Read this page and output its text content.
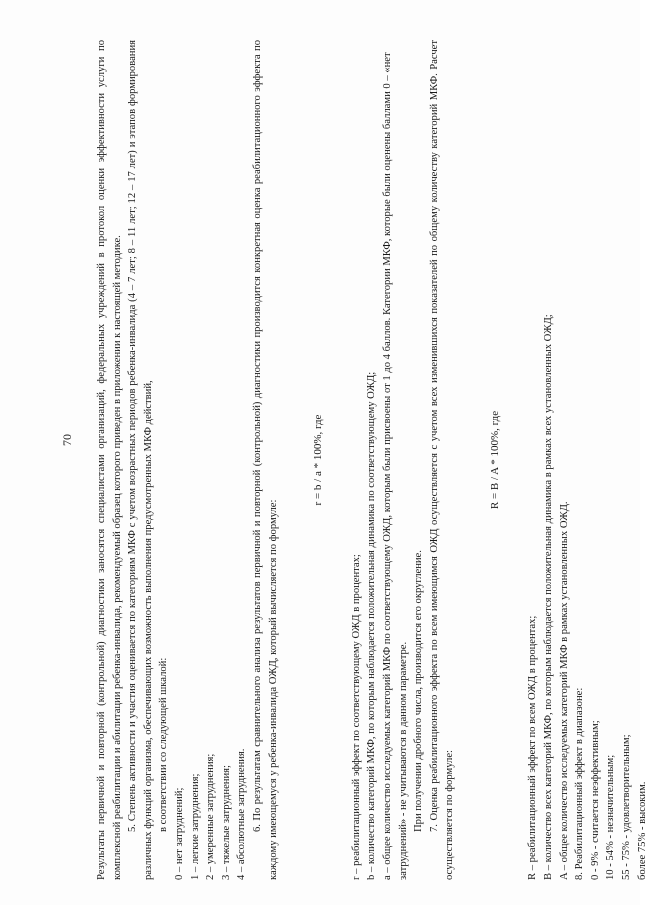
70 Результаты первичной и повторной (контрольной) диагностики заносятся специалистами организаций, федеральных учреждений в протокол оценки эффективности услуги по комплексной реабилитации и абилитации ребенка-инвалида, рекомендуемый образец которого приведен в приложении к настоящей методике. 5. Степень активности и участия оценивается по категориям МКФ с учетом возрастных периодов ребенка-инвалида (4 – 7 лет; 8 – 11 лет; 12 – 17 лет) и этапов формирования различных функций организма, обеспечивающих возможность выполнения предусмотренных МКФ действий, в соответствии со следующей шкалой:

0 – нет затруднений; 1 – легкие затруднения; 2 – умеренные затруднения; 3 – тяжелые затруднения; 4 – абсолютные затруднения. 6. По результатам сравнительного анализа результатов первичной и повторной (контрольной) диагностики производится конкретная оценка реабилитационного эффекта по каждому имеющемуся у ребенка-инвалида ОЖД, который вычисляется по формуле:

r = b / a * 100%, где

r – реабилитационный эффект по соответствующему ОЖД в процентах; b – количество категорий МКФ, по которым наблюдается положительная динамика по соответствующему ОЖД; a – общее количество исследуемых категорий МКФ по соответствующему ОЖД, которым были присвоены от 1 до 4 баллов. Категории МКФ, которые были оценены баллами 0 – «нет затруднений» - не учитываются в данном параметре. При получении дробного числа, производится его округление. 7. Оценка реабилитационного эффекта по всем имеющимся ОЖД осуществляется с учетом всех изменившихся показателей по общему количеству категорий МКФ. Расчет осуществляется по формуле:

R = B / A * 100%, где

R – реабилитационный эффект по всем ОЖД в процентах; B – количество всех категорий МКФ, по которым наблюдается положительная динамика в рамках всех установленных ОЖД; A – общее количество исследуемых категорий МКФ в рамках установленных ОЖД. 8. Реабилитационный эффект в диапазоне: 0 - 9% - считается неэффективным; 10 - 54% - незначительным; 55 - 75% - удовлетворительным; более 75% - высоким.
